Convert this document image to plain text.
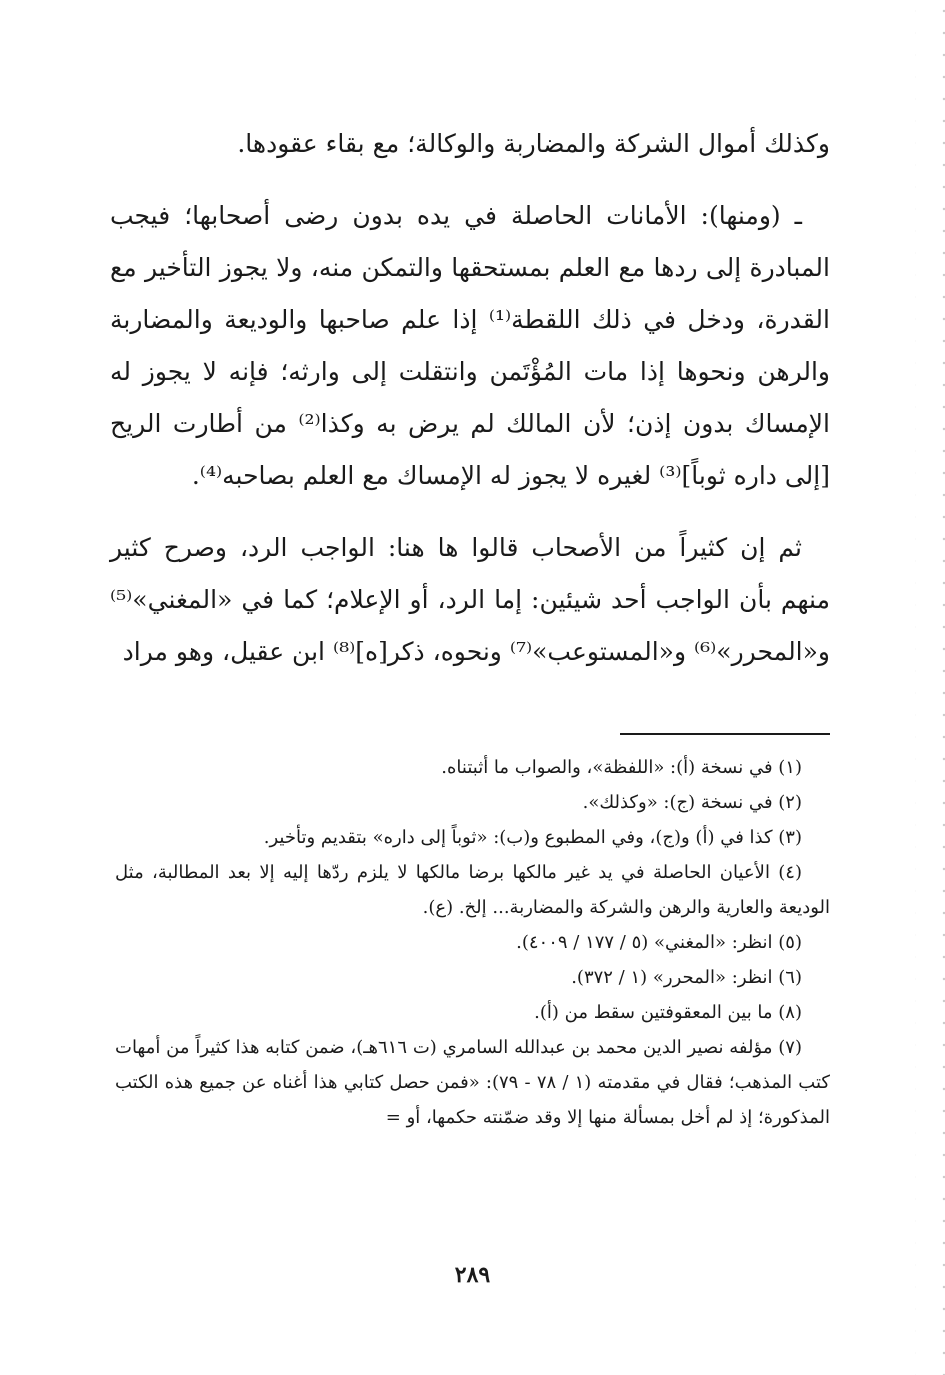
وكذلك أموال الشركة والمضاربة والوكالة؛ مع بقاء عقودها.

ـ (ومنها): الأمانات الحاصلة في يده بدون رضى أصحابها؛ فيجب المبادرة إلى ردها مع العلم بمستحقها والتمكن منه، ولا يجوز التأخير مع القدرة، ودخل في ذلك اللقطة⁽¹⁾ إذا علم صاحبها والوديعة والمضاربة والرهن ونحوها إذا مات المُؤْتَمن وانتقلت إلى وارثه؛ فإنه لا يجوز له الإمساك بدون إذن؛ لأن المالك لم يرض به وكذا⁽²⁾ من أطارت الريح [إلى داره ثوباً]⁽³⁾ لغيره لا يجوز له الإمساك مع العلم بصاحبه⁽⁴⁾.

ثم إن كثيراً من الأصحاب قالوا ها هنا: الواجب الرد، وصرح كثير منهم بأن الواجب أحد شيئين: إما الرد، أو الإعلام؛ كما في «المغني»⁽⁵⁾ و«المحرر»⁽⁶⁾ و«المستوعب»⁽⁷⁾ ونحوه، ذكر[ه]⁽⁸⁾ ابن عقيل، وهو مراد

(١) في نسخة (أ): «اللفظة»، والصواب ما أثبتناه.

(٢) في نسخة (ج): «وكذلك».

(٣) كذا في (أ) و(ج)، وفي المطبوع و(ب): «ثوباً إلى داره» بتقديم وتأخير.

(٤) الأعيان الحاصلة في يد غير مالكها برضا مالكها لا يلزم ردّها إليه إلا بعد المطالبة، مثل الوديعة والعارية والرهن والشركة والمضاربة... إلخ. (ع).

(٥) انظر: «المغني» (٥ / ١٧٧ / ٤٠٠٩).

(٦) انظر: «المحرر» (١ / ٣٧٢).

(٨) ما بين المعقوفتين سقط من (أ).

(٧) مؤلفه نصير الدين محمد بن عبدالله السامري (ت ٦١٦هـ)، ضمن كتابه هذا كثيراً من أمهات كتب المذهب؛ فقال في مقدمته (١ / ٧٨ - ٧٩): «فمن حصل كتابي هذا أغناه عن جميع هذه الكتب المذكورة؛ إذ لم أخل بمسألة منها إلا وقد ضمّنته حكمها، أو =

٢٨٩
